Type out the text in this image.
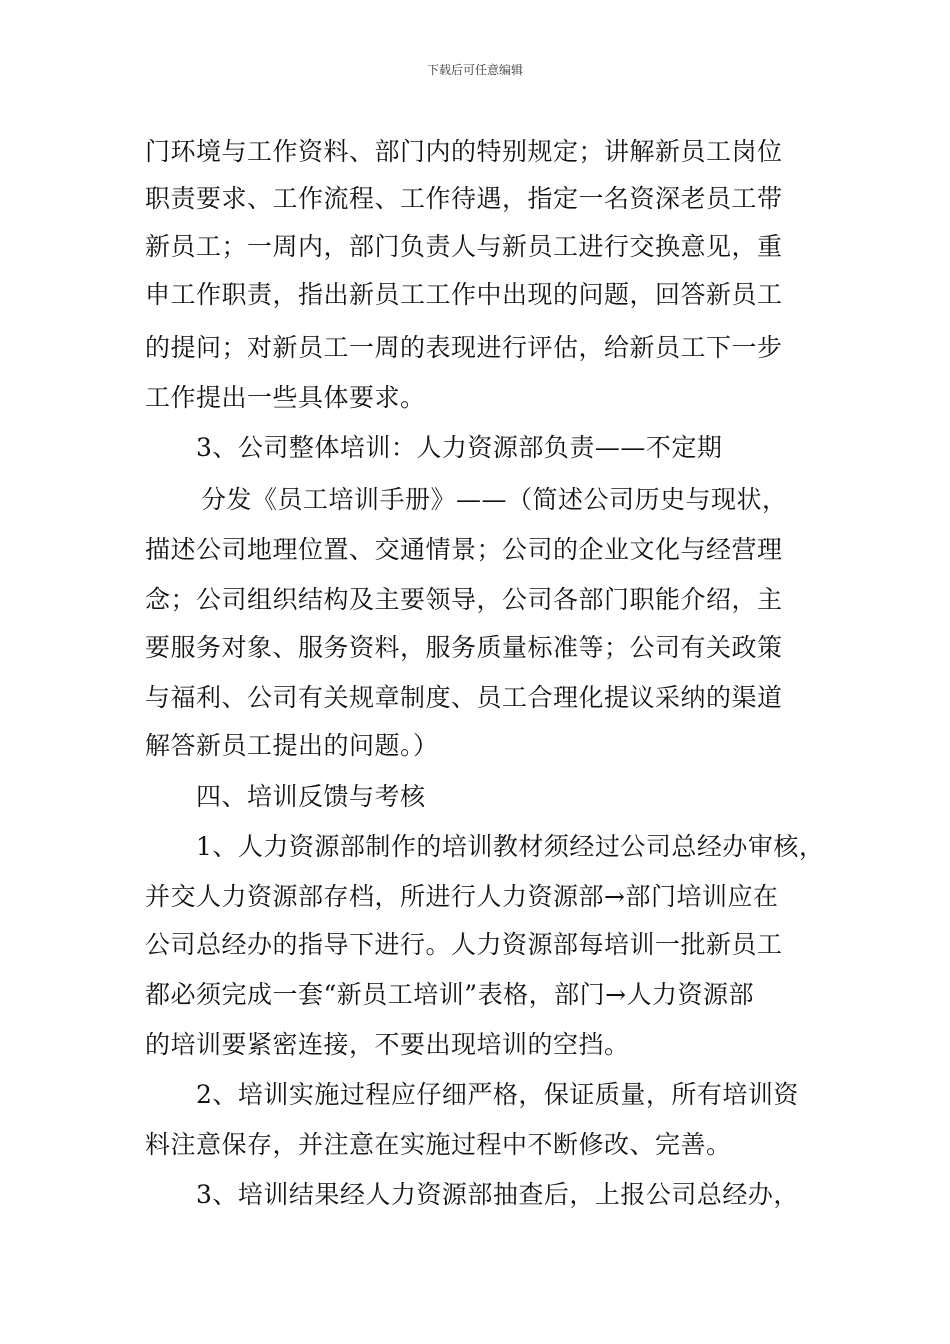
下载后可任意编辑
门环境与工作资料、部门内的特别规定；讲解新员工岗位
职责要求、工作流程、工作待遇，指定一名资深老员工带
新员工；一周内，部门负责人与新员工进行交换意见，重
申工作职责，指出新员工工作中出现的问题，回答新员工
的提问；对新员工一周的表现进行评估，给新员工下一步
工作提出一些具体要求。
3、公司整体培训：人力资源部负责——不定期
分发《员工培训手册》——（简述公司历史与现状，
描述公司地理位置、交通情景；公司的企业文化与经营理
念；公司组织结构及主要领导，公司各部门职能介绍，主
要服务对象、服务资料，服务质量标准等；公司有关政策
与福利、公司有关规章制度、员工合理化提议采纳的渠道
解答新员工提出的问题。）
四、培训反馈与考核
1、人力资源部制作的培训教材须经过公司总经办审核，
并交人力资源部存档，所进行人力资源部→部门培训应在
公司总经办的指导下进行。人力资源部每培训一批新员工
都必须完成一套“新员工培训”表格，部门→人力资源部
的培训要紧密连接，不要出现培训的空挡。
2、培训实施过程应仔细严格，保证质量，所有培训资
料注意保存，并注意在实施过程中不断修改、完善。
3、培训结果经人力资源部抽查后，上报公司总经办，
